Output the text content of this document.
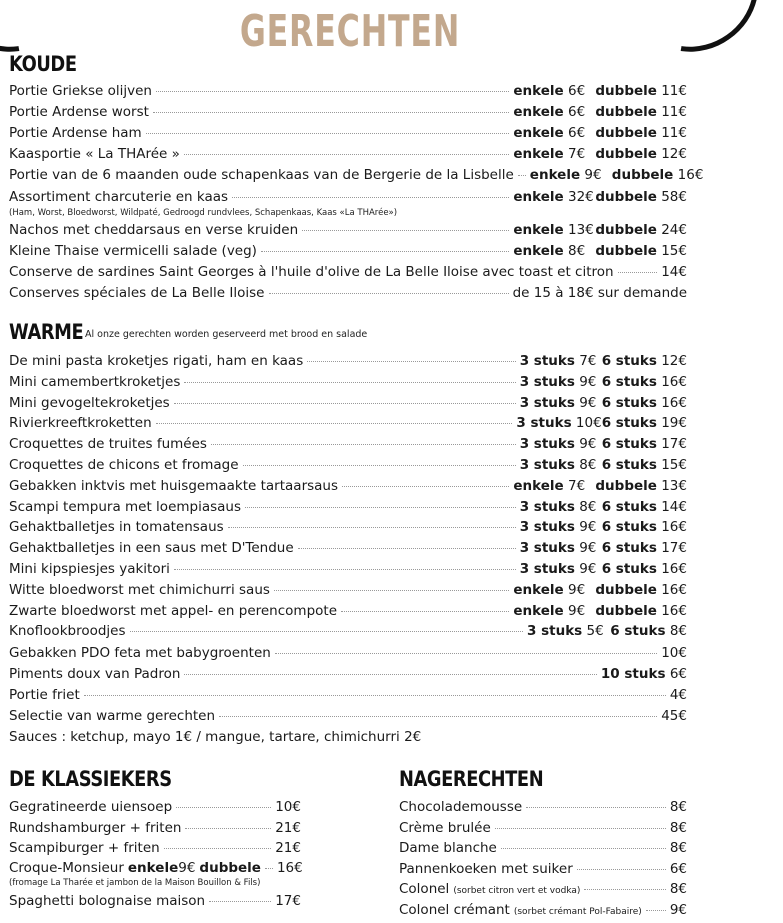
GERECHTEN
KOUDE
Portie Griekse olijven	enkele 6€ dubbele 11€
Portie Ardense worst	enkele 6€ dubbele 11€
Portie Ardense ham	enkele 6€ dubbele 11€
Kaasportie « La THArée »	enkele 7€ dubbele 12€
Portie van de 6 maanden oude schapenkaas van de Bergerie de la Lisbelle enkele 9€ dubbele 16€
Assortiment charcuterie en kaas	enkele 32€ dubbele 58€
Nachos met cheddarsaus en verse kruiden	enkele 13€ dubbele 24€
Kleine Thaise vermicelli salade (veg)	enkele 8€ dubbele 15€
(Ham, Worst, Bloedworst, Wildpaté, Gedroogd rundvlees, Schapenkaas, Kaas «La THArée»)
Conserve de sardines Saint Georges à l'huile d'olive de La Belle Iloise avec toast et citron	14€
Conserves spéciales de La Belle Iloise	de 15 à 18€ sur demande
WARME Al onze gerechten worden geserveerd met brood en salade
De mini pasta kroketjes rigati, ham en kaas	3 stuks 7€ 6 stuks 12€
Mini camembertkroketjes	3 stuks 9€ 6 stuks 16€
Mini gevogeltekroketjes	3 stuks 9€ 6 stuks 16€
Rivierkreeftkroketten	3 stuks 10€ 6 stuks 19€
Croquettes de truites fumées	3 stuks 9€ 6 stuks 17€
Croquettes de chicons et fromage	3 stuks 8€ 6 stuks 15€
Gebakken inktvis met huisgemaakte tartaarsaus	enkele 7€ dubbele 13€
Scampi tempura met loempiasaus	3 stuks 8€ 6 stuks 14€
Gehaktballetjes in tomatensaus	3 stuks 9€ 6 stuks 16€
Gehaktballetjes in een saus met D'Tendue	3 stuks 9€ 6 stuks 17€
Mini kipspiesjes yakitori	3 stuks 9€ 6 stuks 16€
Witte bloedworst met chimichurri saus	enkele 9€ dubbele 16€
Zwarte bloedworst met appel- en perencompote	enkele 9€ dubbele 16€
Knoflookbroodjes	3 stuks 5€ 6 stuks 8€
Gebakken PDO feta met babygroenten	10€
Piments doux van Padron	10 stuks 6€
Portie friet	4€
Selectie van warme gerechten	45€
Sauces : ketchup, mayo 1€ / mangue, tartare, chimichurri 2€
DE KLASSIEKERS
Gegratineerde uiensoep	10€
Rundshamburger + friten	21€
Scampiburger + friten	21€
Croque-Monsieur enkele 9€ dubbele 16€
(fromage La Tharée et jambon de la Maison Bouillon & Fils)
Spaghetti bolognaise maison	17€
NAGERECHTEN
Chocolademousse	8€
Crème brulée	8€
Dame blanche	8€
Pannenkoeken met suiker	6€
Colonel (sorbet citron vert et vodka)	8€
Colonel crémant (sorbet crémant Pol-Fabaire) 9€
